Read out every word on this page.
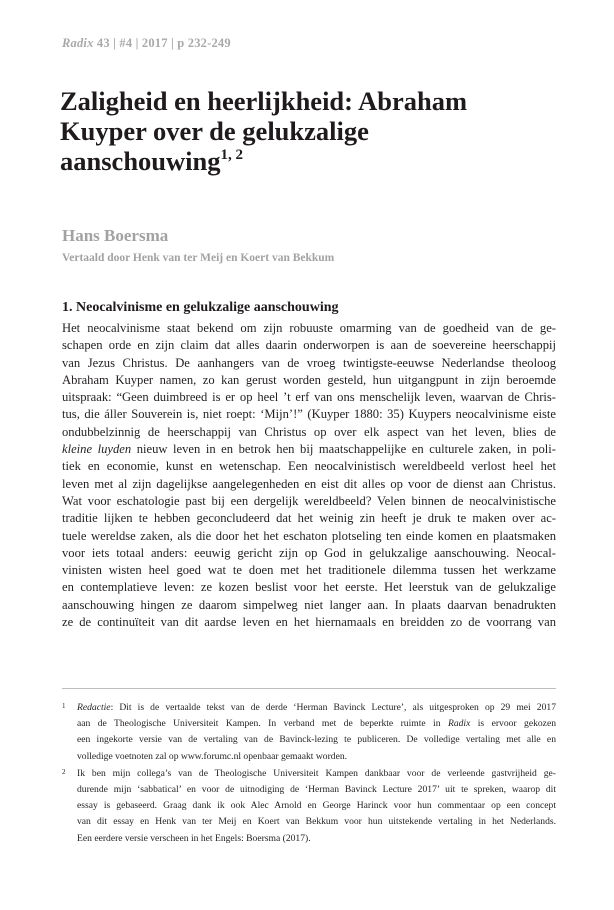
Radix 43 | #4 | 2017 | p 232-249
Zaligheid en heerlijkheid: Abraham
Kuyper over de gelukzalige
aanschouwing$^{1, 2}$
Hans Boersma
Vertaald door Henk van ter Meij en Koert van Bekkum
1. Neocalvinisme en gelukzalige aanschouwing
Het neocalvinisme staat bekend om zijn robuuste omarming van de goedheid van de ge-
schapen orde en zijn claim dat alles daarin onderworpen is aan de soevereine heerschappij
van Jezus Christus. De aanhangers van de vroeg twintigste-eeuwse Nederlandse theoloog
Abraham Kuyper namen, zo kan gerust worden gesteld, hun uitgangpunt in zijn beroemde
uitspraak: “Geen duimbreed is er op heel ’t erf van ons menschelijk leven, waarvan de Chris-
tus, die áller Souverein is, niet roept: ‘Mijn’!” (Kuyper 1880: 35) Kuypers neocalvinisme eiste
ondubbelzinnig de heerschappij van Christus op over elk aspect van het leven, blies de
kleine luyden nieuw leven in en betrok hen bij maatschappelijke en culturele zaken, in poli-
tiek en economie, kunst en wetenschap. Een neocalvinistisch wereldbeeld verlost heel het
leven met al zijn dagelijkse aangelegenheden en eist dit alles op voor de dienst aan Christus.
Wat voor eschatologie past bij een dergelijk wereldbeeld? Velen binnen de neocalvinistische
traditie lijken te hebben geconcludeerd dat het weinig zin heeft je druk te maken over ac-
tuele wereldse zaken, als die door het het eschaton plotseling ten einde komen en plaatsmaken
voor iets totaal anders: eeuwig gericht zijn op God in gelukzalige aanschouwing. Neocal-
vinisten wisten heel goed wat te doen met het traditionele dilemma tussen het werkzame
en contemplatieve leven: ze kozen beslist voor het eerste. Het leerstuk van de gelukzalige
aanschouwing hingen ze daarom simpelweg niet langer aan. In plaats daarvan benadrukten
ze de continuïteit van dit aardse leven en het hiernamaals en breidden zo de voorrang van
1 Redactie: Dit is de vertaalde tekst van de derde ‘Herman Bavinck Lecture’, als uitgesproken op 29 mei 2017
aan de Theologische Universiteit Kampen. In verband met de beperkte ruimte in Radix is ervoor gekozen
een ingekorte versie van de vertaling van de Bavinck-lezing te publiceren. De volledige vertaling met alle en
volledige voetnoten zal op www.forumc.nl openbaar gemaakt worden.
2 Ik ben mijn collega’s van de Theologische Universiteit Kampen dankbaar voor de verleende gastvrijheid ge-
durende mijn ‘sabbatical’ en voor de uitnodiging de ‘Herman Bavinck Lecture 2017’ uit te spreken, waarop dit
essay is gebaseerd. Graag dank ik ook Alec Arnold en George Harinck voor hun commentaar op een concept
van dit essay en Henk van ter Meij en Koert van Bekkum voor hun uitstekende vertaling in het Nederlands.
Een eerdere versie verscheen in het Engels: Boersma (2017).
